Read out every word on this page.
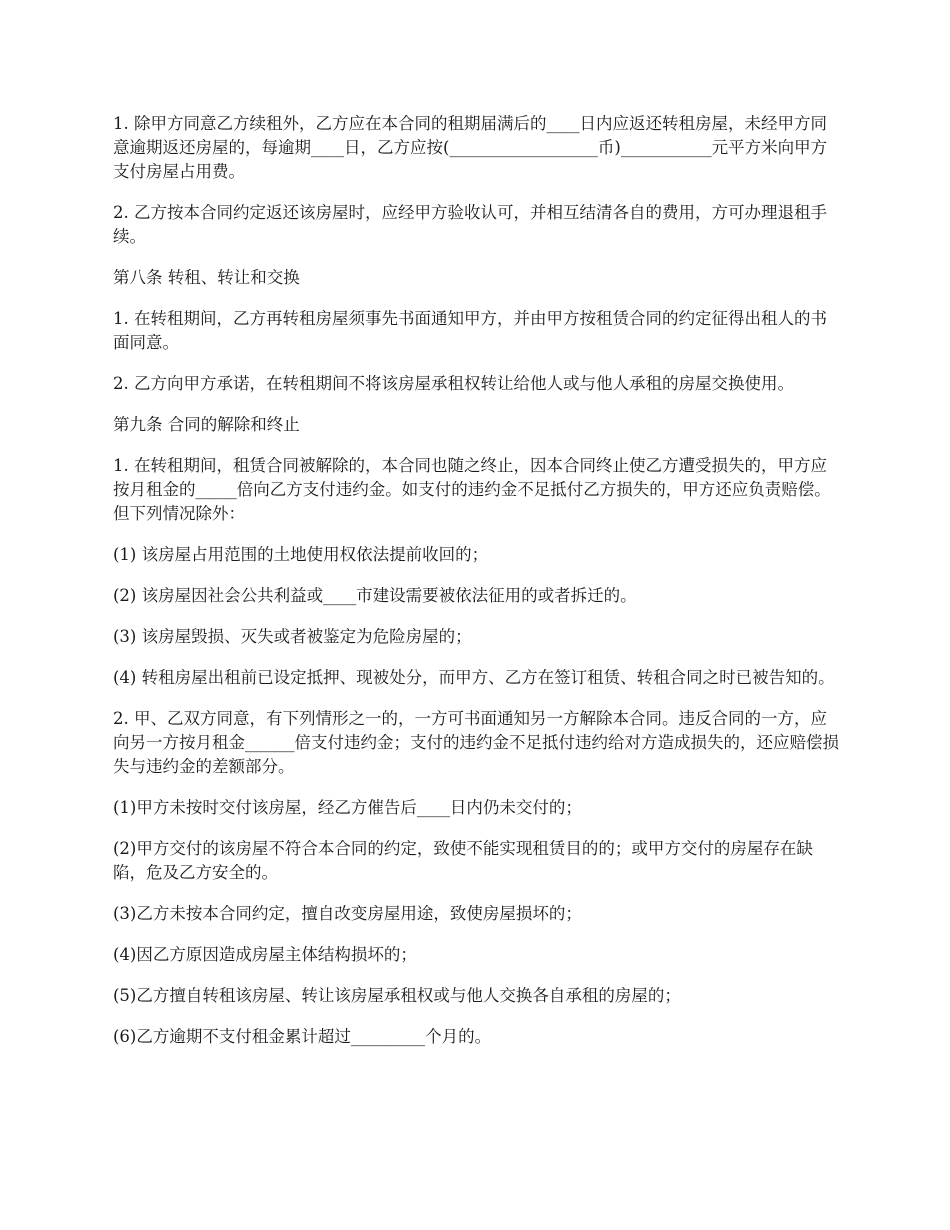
1. 除甲方同意乙方续租外，乙方应在本合同的租期届满后的____日内应返还转租房屋，未经甲方同意逾期返还房屋的，每逾期____日，乙方应按(__________________币)___________元平方米向甲方支付房屋占用费。

2. 乙方按本合同约定返还该房屋时，应经甲方验收认可，并相互结清各自的费用，方可办理退租手续。

第八条 转租、转让和交换

1. 在转租期间，乙方再转租房屋须事先书面通知甲方，并由甲方按租赁合同的约定征得出租人的书面同意。

2. 乙方向甲方承诺，在转租期间不将该房屋承租权转让给他人或与他人承租的房屋交换使用。

第九条 合同的解除和终止

1. 在转租期间，租赁合同被解除的，本合同也随之终止，因本合同终止使乙方遭受损失的，甲方应按月租金的_____倍向乙方支付违约金。如支付的违约金不足抵付乙方损失的，甲方还应负责赔偿。但下列情况除外：

(1) 该房屋占用范围的土地使用权依法提前收回的；

(2) 该房屋因社会公共利益或____市建设需要被依法征用的或者拆迁的。

(3) 该房屋毁损、灭失或者被鉴定为危险房屋的；

(4) 转租房屋出租前已设定抵押、现被处分，而甲方、乙方在签订租赁、转租合同之时已被告知的。

2. 甲、乙双方同意，有下列情形之一的，一方可书面通知另一方解除本合同。违反合同的一方，应向另一方按月租金______倍支付违约金；支付的违约金不足抵付违约给对方造成损失的，还应赔偿损失与违约金的差额部分。

(1)甲方未按时交付该房屋，经乙方催告后____日内仍未交付的；

(2)甲方交付的该房屋不符合本合同的约定，致使不能实现租赁目的的；或甲方交付的房屋存在缺陷，危及乙方安全的。

(3)乙方未按本合同约定，擅自改变房屋用途，致使房屋损坏的；

(4)因乙方原因造成房屋主体结构损坏的；

(5)乙方擅自转租该房屋、转让该房屋承租权或与他人交换各自承租的房屋的；

(6)乙方逾期不支付租金累计超过_________个月的。
